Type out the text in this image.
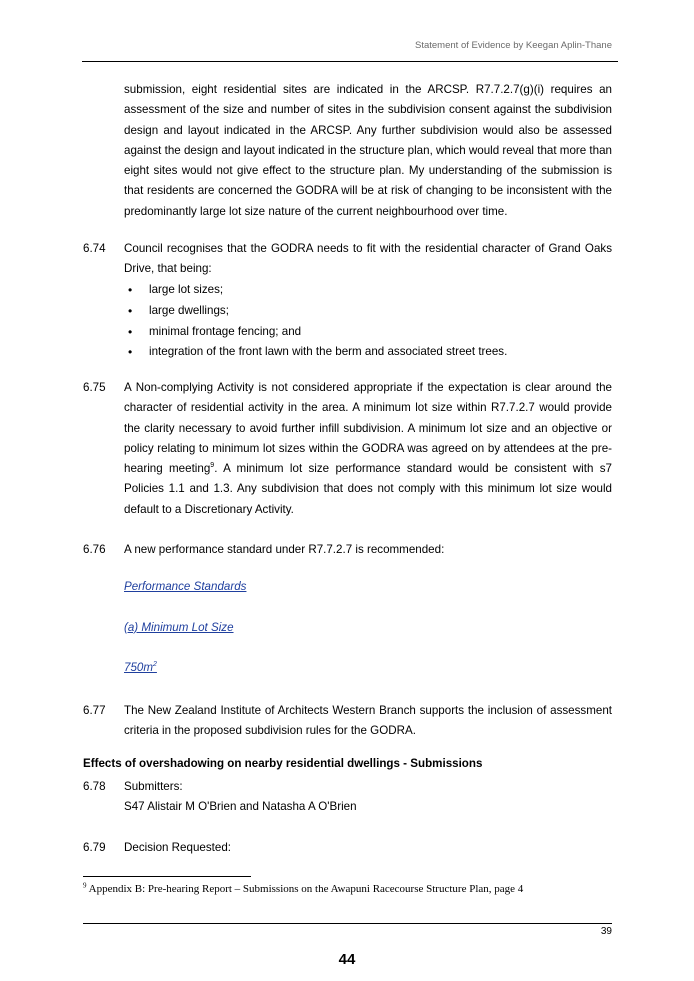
Statement of Evidence by Keegan Aplin-Thane
submission, eight residential sites are indicated in the ARCSP. R7.7.2.7(g)(i) requires an assessment of the size and number of sites in the subdivision consent against the subdivision design and layout indicated in the ARCSP. Any further subdivision would also be assessed against the design and layout indicated in the structure plan, which would reveal that more than eight sites would not give effect to the structure plan. My understanding of the submission is that residents are concerned the GODRA will be at risk of changing to be inconsistent with the predominantly large lot size nature of the current neighbourhood over time.
6.74 Council recognises that the GODRA needs to fit with the residential character of Grand Oaks Drive, that being:
• large lot sizes;
• large dwellings;
• minimal frontage fencing; and
• integration of the front lawn with the berm and associated street trees.
6.75 A Non-complying Activity is not considered appropriate if the expectation is clear around the character of residential activity in the area. A minimum lot size within R7.7.2.7 would provide the clarity necessary to avoid further infill subdivision. A minimum lot size and an objective or policy relating to minimum lot sizes within the GODRA was agreed on by attendees at the pre-hearing meeting$^9$. A minimum lot size performance standard would be consistent with s7 Policies 1.1 and 1.3. Any subdivision that does not comply with this minimum lot size would default to a Discretionary Activity.
6.76 A new performance standard under R7.7.2.7 is recommended:
Performance Standards
(a) Minimum Lot Size
$750m^2$
6.77 The New Zealand Institute of Architects Western Branch supports the inclusion of assessment criteria in the proposed subdivision rules for the GODRA.
Effects of overshadowing on nearby residential dwellings - Submissions
6.78 Submitters:
S47 Alistair M O'Brien and Natasha A O'Brien
6.79 Decision Requested:
$^9$ Appendix B: Pre-hearing Report – Submissions on the Awapuni Racecourse Structure Plan, page 4
39
44
